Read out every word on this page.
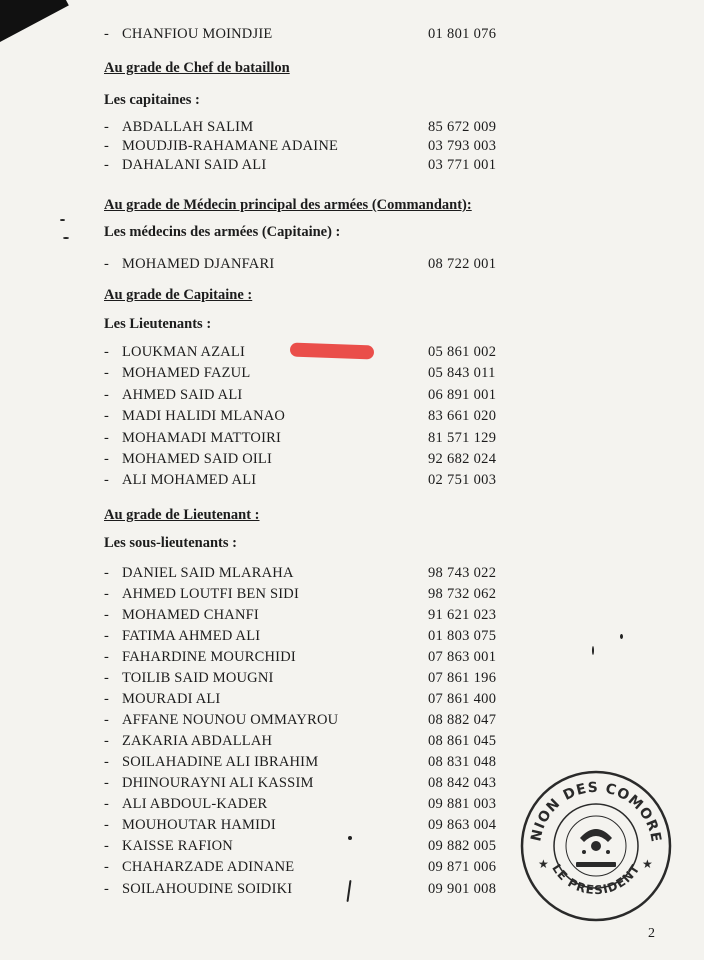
- CHANFIOU MOINDJIE	01 801 076
Au grade de Chef de bataillon
Les capitaines :
- ABDALLAH SALIM	85 672 009
- MOUDJIB-RAHAMANE ADAINE	03 793 003
- DAHALANI SAID ALI	03 771 001
Au grade de Médecin principal des armées (Commandant):
Les médecins des armées (Capitaine) :
- MOHAMED DJANFARI	08 722 001
Au grade de Capitaine :
Les Lieutenants :
- LOUKMAN AZALI	05 861 002
- MOHAMED FAZUL	05 843 011
- AHMED SAID ALI	06 891 001
- MADI HALIDI MLANAO	83 661 020
- MOHAMADI MATTOIRI	81 571 129
- MOHAMED SAID OILI	92 682 024
- ALI MOHAMED ALI	02 751 003
Au grade de Lieutenant :
Les sous-lieutenants :
- DANIEL SAID MLARAHA	98 743 022
- AHMED LOUTFI BEN SIDI	98 732 062
- MOHAMED CHANFI	91 621 023
- FATIMA AHMED ALI	01 803 075
- FAHARDINE MOURCHIDI	07 863 001
- TOILIB SAID MOUGNI	07 861 196
- MOURADI ALI	07 861 400
- AFFANE NOUNOU OMMAYROU	08 882 047
- ZAKARIA ABDALLAH	08 861 045
- SOILAHADINE ALI IBRAHIM	08 831 048
- DHINOURAYNI ALI KASSIM	08 842 043
- ALI ABDOUL-KADER	09 881 003
- MOUHOUTAR HAMIDI	09 863 004
- KAISSE RAFION	09 882 005
- CHAHARZADE ADINANE	09 871 006
- SOILAHOUDINE SOIDIKI	09 901 008
★	★
NION DES COMORE
LE PRESIDENT
2
